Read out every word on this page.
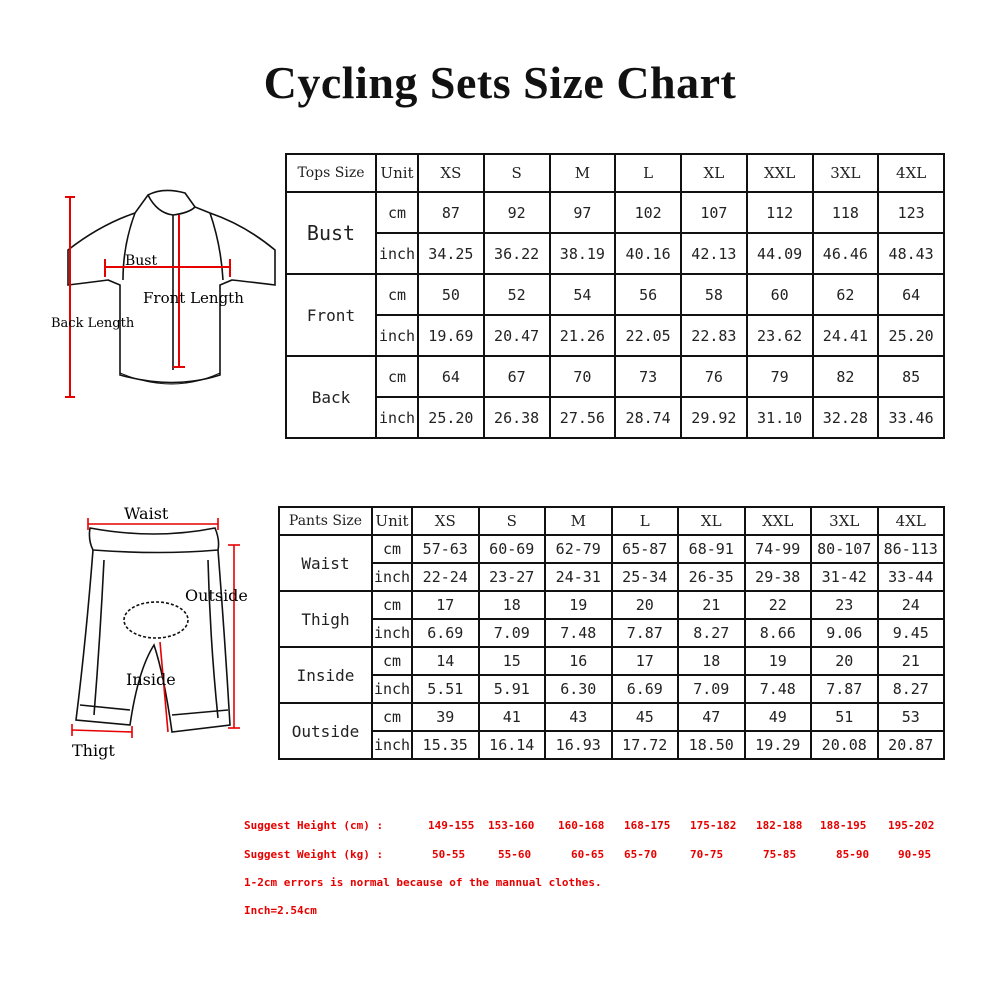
Cycling Sets Size Chart
Bust
Front Length
Back Length
Tops Size	Unit	XS	S	M	L	XL	XXL	3XL	4XL
Bust	cm	87	92	97	102	107	112	118	123
	inch	34.25	36.22	38.19	40.16	42.13	44.09	46.46	48.43
Front	cm	50	52	54	56	58	60	62	64
	inch	19.69	20.47	21.26	22.05	22.83	23.62	24.41	25.20
Back	cm	64	67	70	73	76	79	82	85
	inch	25.20	26.38	27.56	28.74	29.92	31.10	32.28	33.46
Waist
Outside
Inside
Thigt
Pants Size	Unit	XS	S	M	L	XL	XXL	3XL	4XL
Waist	cm	57-63	60-69	62-79	65-87	68-91	74-99	80-107	86-113
	inch	22-24	23-27	24-31	25-34	26-35	29-38	31-42	33-44
Thigh	cm	17	18	19	20	21	22	23	24
	inch	6.69	7.09	7.48	7.87	8.27	8.66	9.06	9.45
Inside	cm	14	15	16	17	18	19	20	21
	inch	5.51	5.91	6.30	6.69	7.09	7.48	7.87	8.27
Outside	cm	39	41	43	45	47	49	51	53
	inch	15.35	16.14	16.93	17.72	18.50	19.29	20.08	20.87
Suggest Height (cm) :	149-155 153-160 160-168 168-175 175-182 182-188 188-195 195-202
Suggest Weight (kg) :	50-55	55-60	60-65 65-70	70-75	75-85	85-90	90-95
1-2cm errors is normal because of the mannual clothes.
Inch=2.54cm
